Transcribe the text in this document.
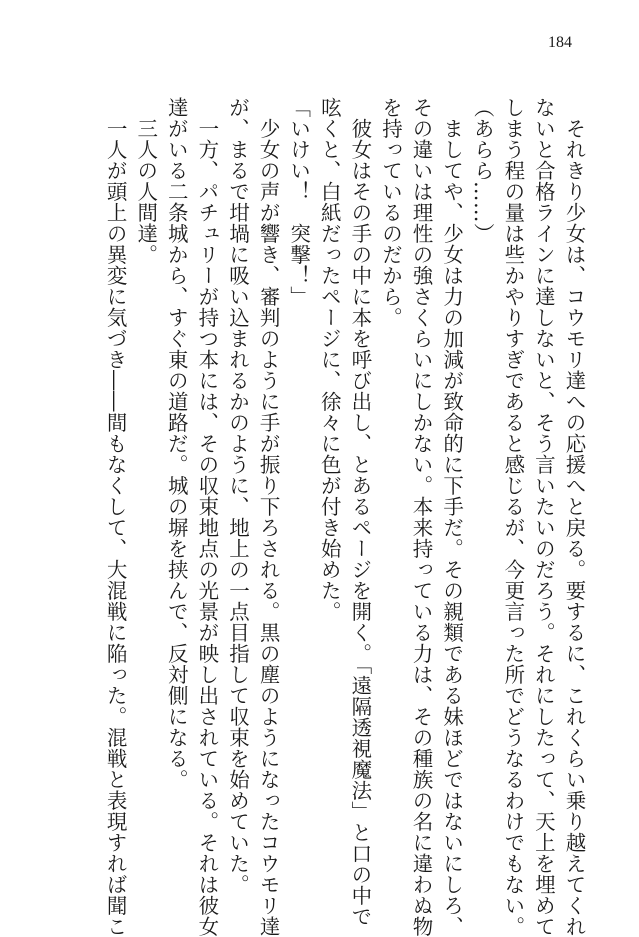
184
　それきり少女は、コウモリ達への応援へと戻る。要するに、これくらい乗り越えてくれ
ないと合格ラインに達しないと、そう言いたいのだろう。それにしたって、天上を埋めて
しまう程の量は些かやりすぎであると感じるが、今更言った所でどうなるわけでもない。
（あらら……）
　ましてや、少女は力の加減が致命的に下手だ。その親類である妹ほどではないにしろ、
その違いは理性の強さくらいにしかない。本来持っている力は、その種族の名に違わぬ物
を持っているのだから。
　彼女はその手の中に本を呼び出し、とあるページを開く。「遠隔透視魔法」と口の中で
呟くと、白紙だったページに、徐々に色が付き始めた。
「いけい！　突撃！」
　少女の声が響き、審判のように手が振り下ろされる。黒の塵のようになったコウモリ達
が、まるで坩堝に吸い込まれるかのように、地上の一点目指して収束を始めていた。
　一方、パチュリーが持つ本には、その収束地点の光景が映し出されている。それは彼女
達がいる二条城から、すぐ東の道路だ。城の塀を挟んで、反対側になる。
　三人の人間達。
　一人が頭上の異変に気づき――間もなくして、大混戦に陥った。混戦と表現すれば聞こ
